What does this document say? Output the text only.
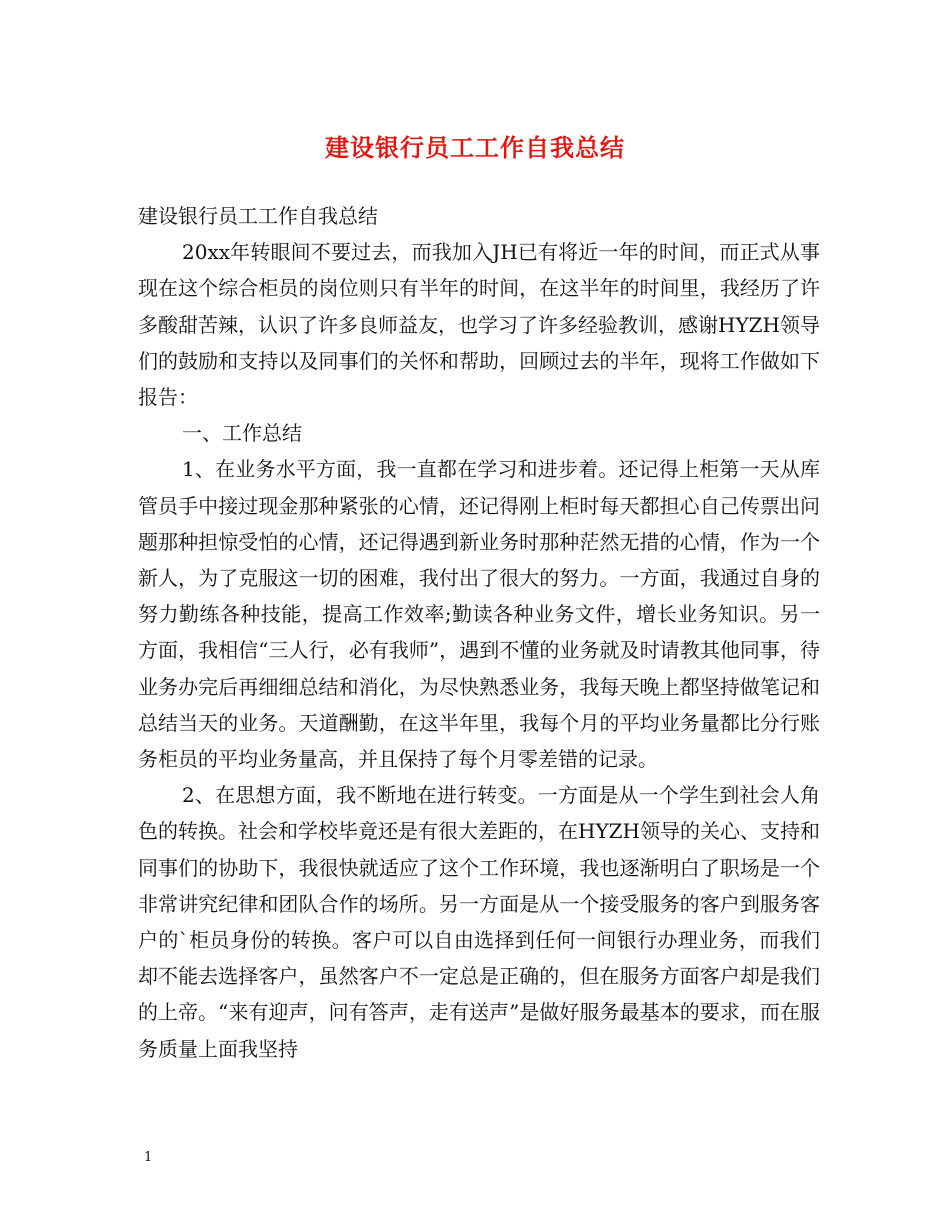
建设银行员工工作自我总结

建设银行员工工作自我总结

20xx年转眼间不要过去，而我加入JH已有将近一年的时间，而正式从事现在这个综合柜员的岗位则只有半年的时间，在这半年的时间里，我经历了许多酸甜苦辣，认识了许多良师益友，也学习了许多经验教训，感谢HYZH领导们的鼓励和支持以及同事们的关怀和帮助，回顾过去的半年，现将工作做如下报告：

一、工作总结

1、在业务水平方面，我一直都在学习和进步着。还记得上柜第一天从库管员手中接过现金那种紧张的心情，还记得刚上柜时每天都担心自己传票出问题那种担惊受怕的心情，还记得遇到新业务时那种茫然无措的心情，作为一个新人，为了克服这一切的困难，我付出了很大的努力。一方面，我通过自身的努力勤练各种技能，提高工作效率;勤读各种业务文件，增长业务知识。另一方面，我相信“三人行，必有我师”，遇到不懂的业务就及时请教其他同事，待业务办完后再细细总结和消化，为尽快熟悉业务，我每天晚上都坚持做笔记和总结当天的业务。天道酬勤，在这半年里，我每个月的平均业务量都比分行账务柜员的平均业务量高，并且保持了每个月零差错的记录。

2、在思想方面，我不断地在进行转变。一方面是从一个学生到社会人角色的转换。社会和学校毕竟还是有很大差距的，在HYZH领导的关心、支持和同事们的协助下，我很快就适应了这个工作环境，我也逐渐明白了职场是一个非常讲究纪律和团队合作的场所。另一方面是从一个接受服务的客户到服务客户的`柜员身份的转换。客户可以自由选择到任何一间银行办理业务，而我们却不能去选择客户，虽然客户不一定总是正确的，但在服务方面客户却是我们的上帝。“来有迎声，问有答声，走有送声”是做好服务最基本的要求，而在服务质量上面我坚持

1
